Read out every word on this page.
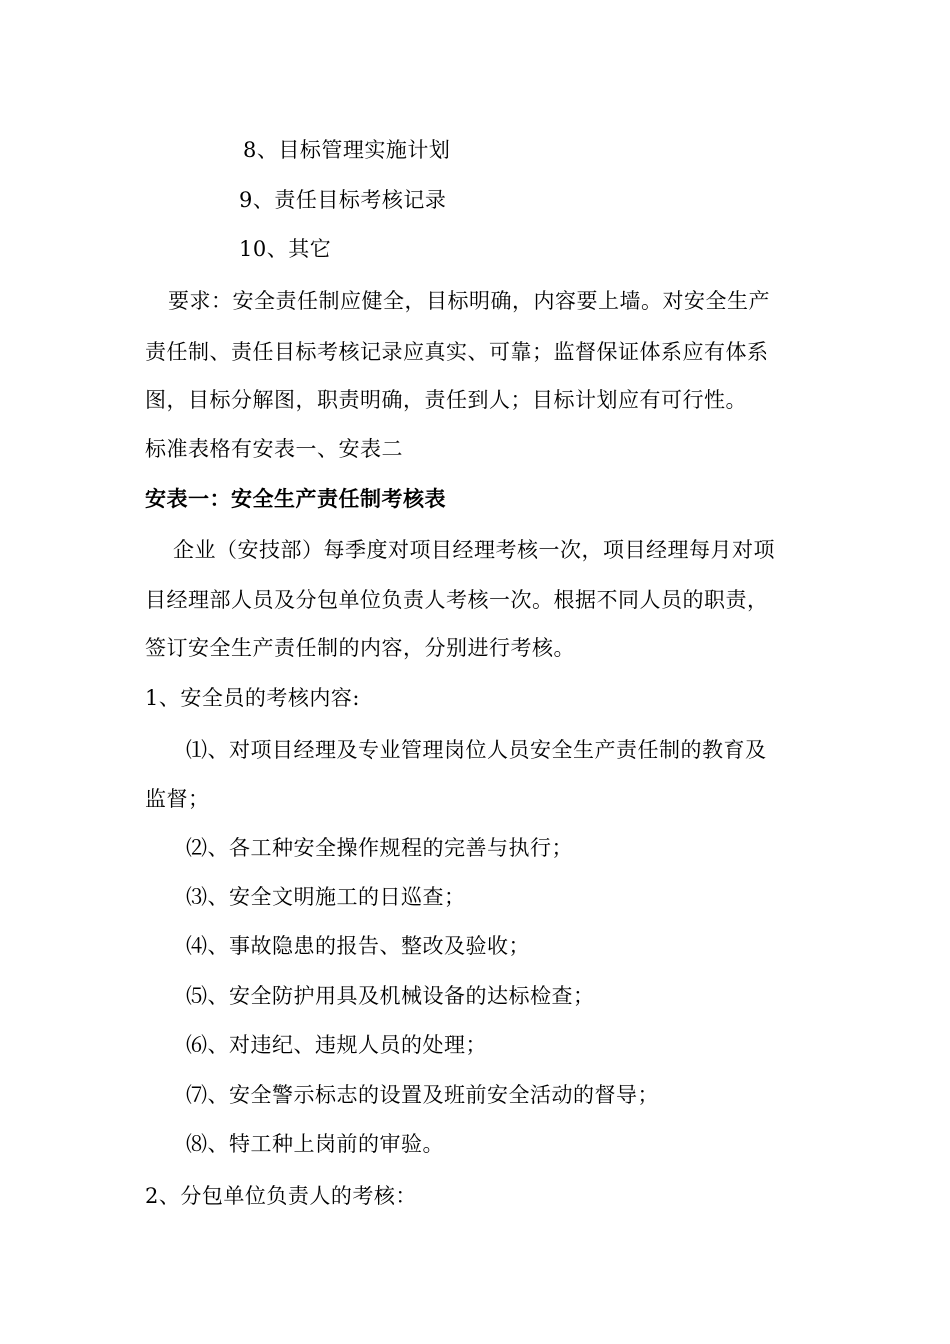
8、目标管理实施计划
9、责任目标考核记录
10、其它
要求：安全责任制应健全，目标明确，内容要上墙。对安全生产
责任制、责任目标考核记录应真实、可靠；监督保证体系应有体系
图，目标分解图，职责明确，责任到人；目标计划应有可行性。
标准表格有安表一、安表二
安表一：安全生产责任制考核表
企业（安技部）每季度对项目经理考核一次，项目经理每月对项
目经理部人员及分包单位负责人考核一次。根据不同人员的职责，
签订安全生产责任制的内容，分别进行考核。
1、安全员的考核内容:
⑴、对项目经理及专业管理岗位人员安全生产责任制的教育及
监督；
⑵、各工种安全操作规程的完善与执行；
⑶、安全文明施工的日巡查；
⑷、事故隐患的报告、整改及验收；
⑸、安全防护用具及机械设备的达标检查；
⑹、对违纪、违规人员的处理；
⑺、安全警示标志的设置及班前安全活动的督导；
⑻、特工种上岗前的审验。
2、分包单位负责人的考核：
